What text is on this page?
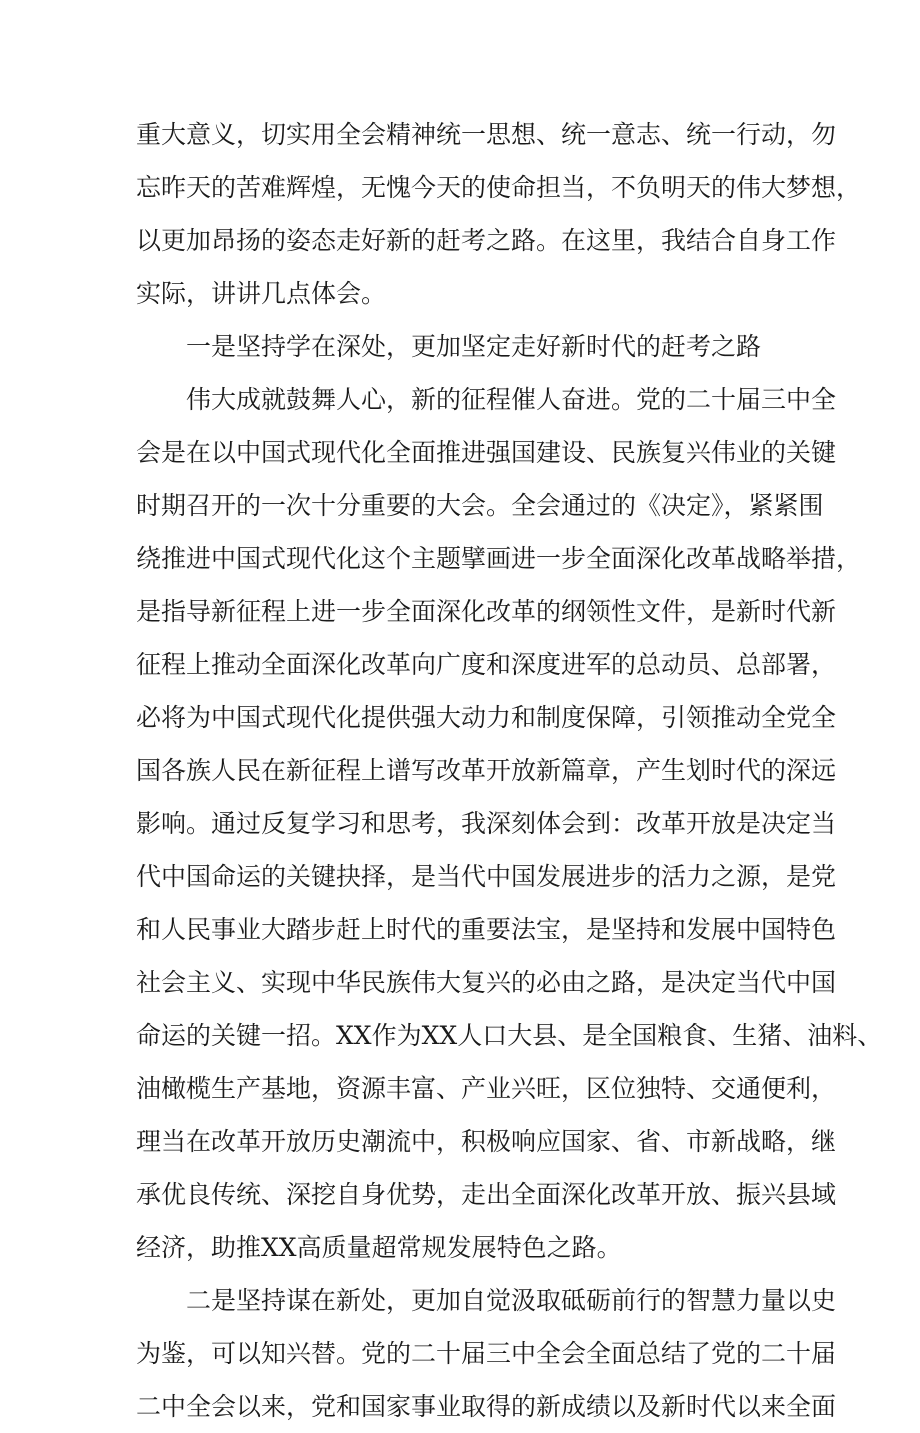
重大意义，切实用全会精神统一思想、统一意志、统一行动，勿
忘昨天的苦难辉煌，无愧今天的使命担当，不负明天的伟大梦想，
以更加昂扬的姿态走好新的赶考之路。在这里，我结合自身工作
实际，讲讲几点体会。
一是坚持学在深处，更加坚定走好新时代的赶考之路
伟大成就鼓舞人心，新的征程催人奋进。党的二十届三中全
会是在以中国式现代化全面推进强国建设、民族复兴伟业的关键
时期召开的一次十分重要的大会。全会通过的《决定》，紧紧围
绕推进中国式现代化这个主题擘画进一步全面深化改革战略举措，
是指导新征程上进一步全面深化改革的纲领性文件，是新时代新
征程上推动全面深化改革向广度和深度进军的总动员、总部署，
必将为中国式现代化提供强大动力和制度保障，引领推动全党全
国各族人民在新征程上谱写改革开放新篇章，产生划时代的深远
影响。通过反复学习和思考，我深刻体会到：改革开放是决定当
代中国命运的关键抉择，是当代中国发展进步的活力之源，是党
和人民事业大踏步赶上时代的重要法宝，是坚持和发展中国特色
社会主义、实现中华民族伟大复兴的必由之路，是决定当代中国
命运的关键一招。XX作为XX人口大县、是全国粮食、生猪、油料、
油橄榄生产基地，资源丰富、产业兴旺，区位独特、交通便利，
理当在改革开放历史潮流中，积极响应国家、省、市新战略，继
承优良传统、深挖自身优势，走出全面深化改革开放、振兴县域
经济，助推XX高质量超常规发展特色之路。
二是坚持谋在新处，更加自觉汲取砥砺前行的智慧力量以史
为鉴，可以知兴替。党的二十届三中全会全面总结了党的二十届
二中全会以来，党和国家事业取得的新成绩以及新时代以来全面
